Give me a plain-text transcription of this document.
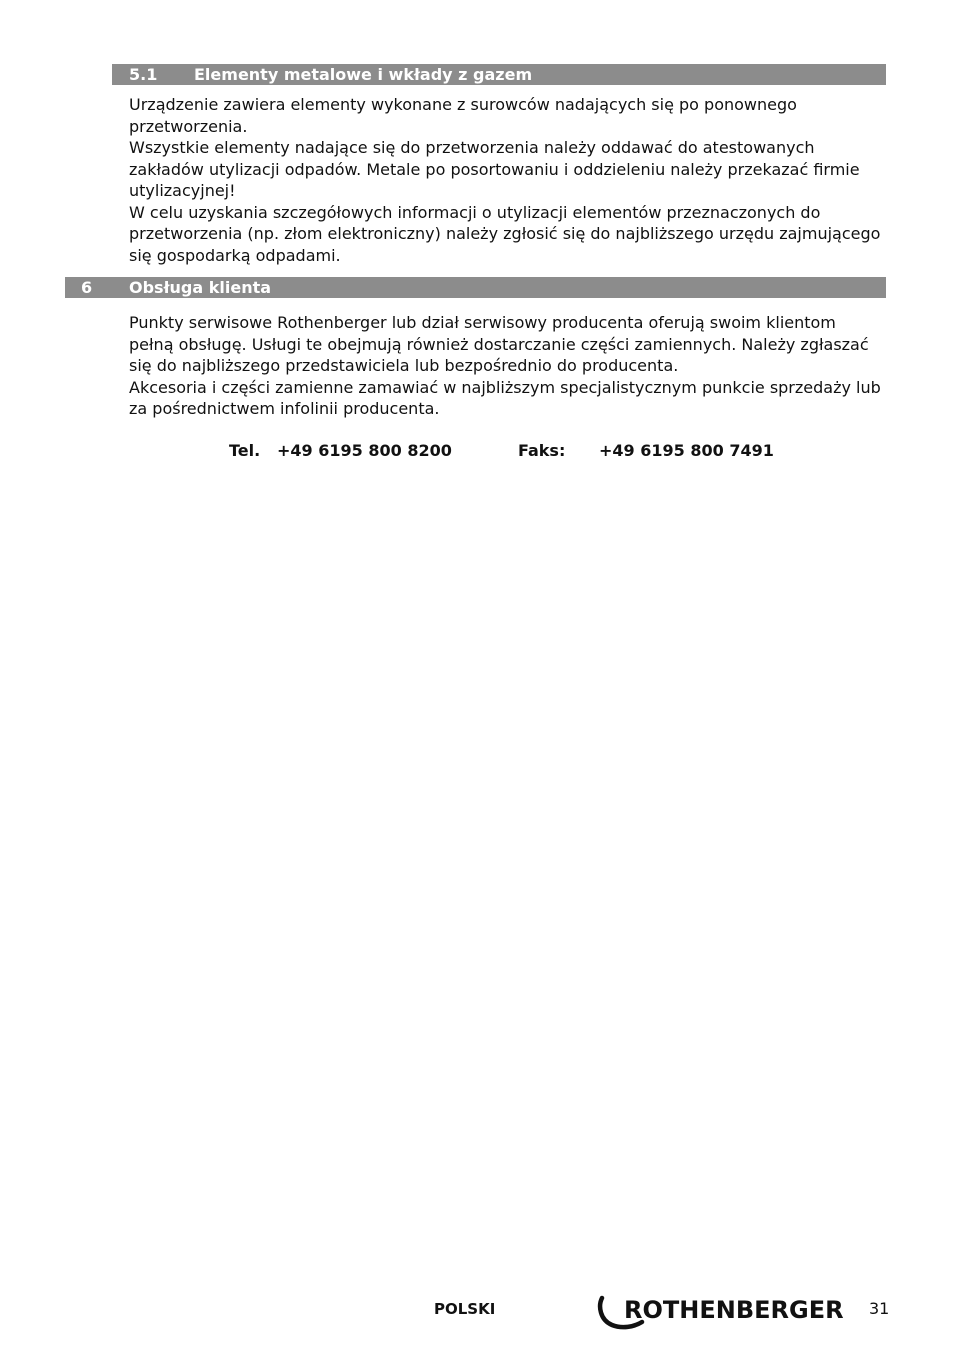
5.1 Elementy metalowe i wkłady z gazem

Urządzenie zawiera elementy wykonane z surowców nadających się po ponownego przetworzenia.

Wszystkie elementy nadające się do przetworzenia należy oddawać do atestowanych zakładów utylizacji odpadów. Metale po posortowaniu i oddzieleniu należy przekazać firmie utylizacyjnej!

W celu uzyskania szczegółowych informacji o utylizacji elementów przeznaczonych do przetworzenia (np. złom elektroniczny) należy zgłosić się do najbliższego urzędu zajmującego się gospodarką odpadami.

6 Obsługa klienta

Punkty serwisowe Rothenberger lub dział serwisowy producenta oferują swoim klientom pełną obsługę. Usługi te obejmują również dostarczanie części zamiennych. Należy zgłaszać się do najbliższego przedstawiciela lub bezpośrednio do producenta.

Akcesoria i części zamienne zamawiać w najbliższym specjalistycznym punkcie sprzedaży lub za pośrednictwem infolinii producenta.

Tel. +49 6195 800 8200	Faks: +49 6195 800 7491
POLSKI	ROTHENBERGER 31
